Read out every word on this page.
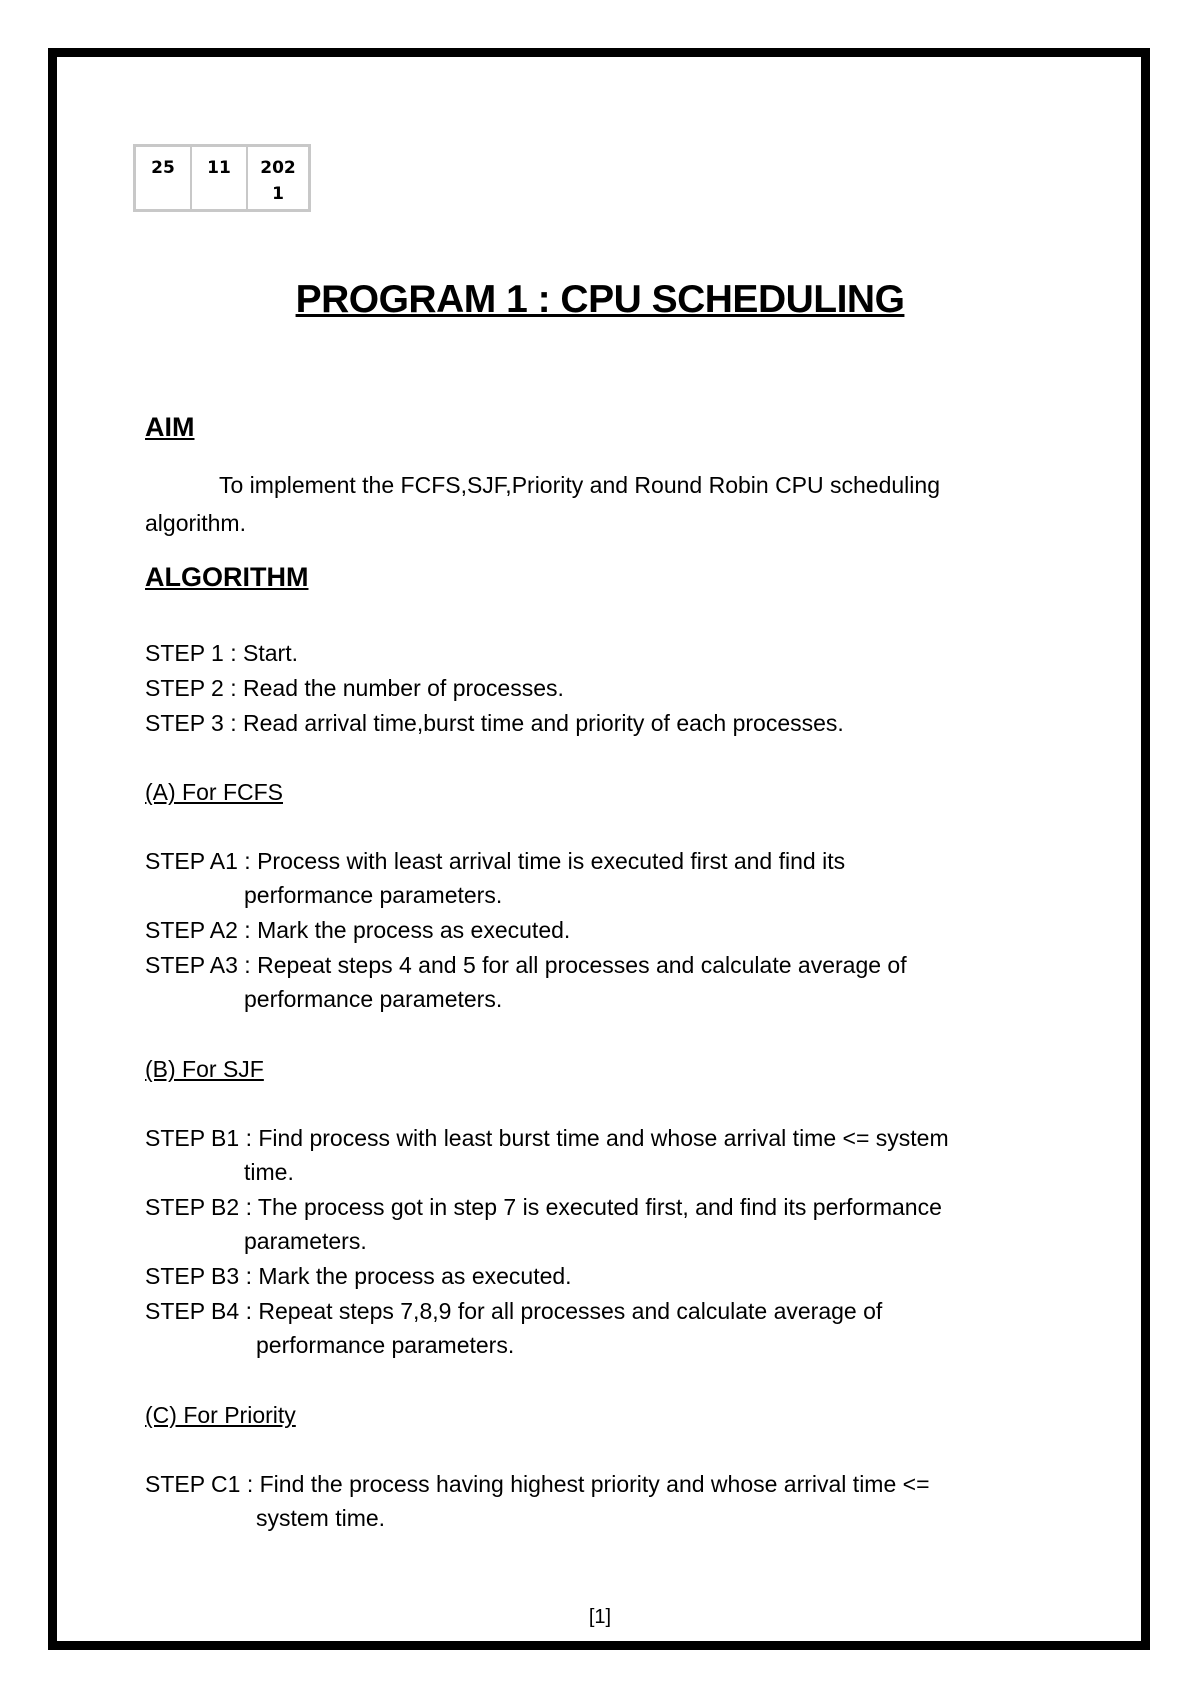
25	11	202
1
PROGRAM 1 : CPU SCHEDULING
AIM
To implement the FCFS,SJF,Priority and Round Robin CPU scheduling algorithm.
ALGORITHM
STEP 1 : Start.
STEP 2 : Read the number of processes.
STEP 3 : Read arrival time,burst time and priority of each processes.
(A) For FCFS
STEP A1 : Process with least arrival time is executed first and find its
performance parameters.
STEP A2 : Mark the process as executed.
STEP A3 : Repeat steps 4 and 5 for all processes and calculate average of
performance parameters.
(B) For SJF
STEP B1 : Find process with least burst time and whose arrival time <= system
time.
STEP B2 : The process got in step 7 is executed first, and find its performance
parameters.
STEP B3 : Mark the process as executed.
STEP B4 : Repeat steps 7,8,9 for all processes and calculate average of
performance parameters.
(C) For Priority
STEP C1 : Find the process having highest priority and whose arrival time <=
system time.
[1]
